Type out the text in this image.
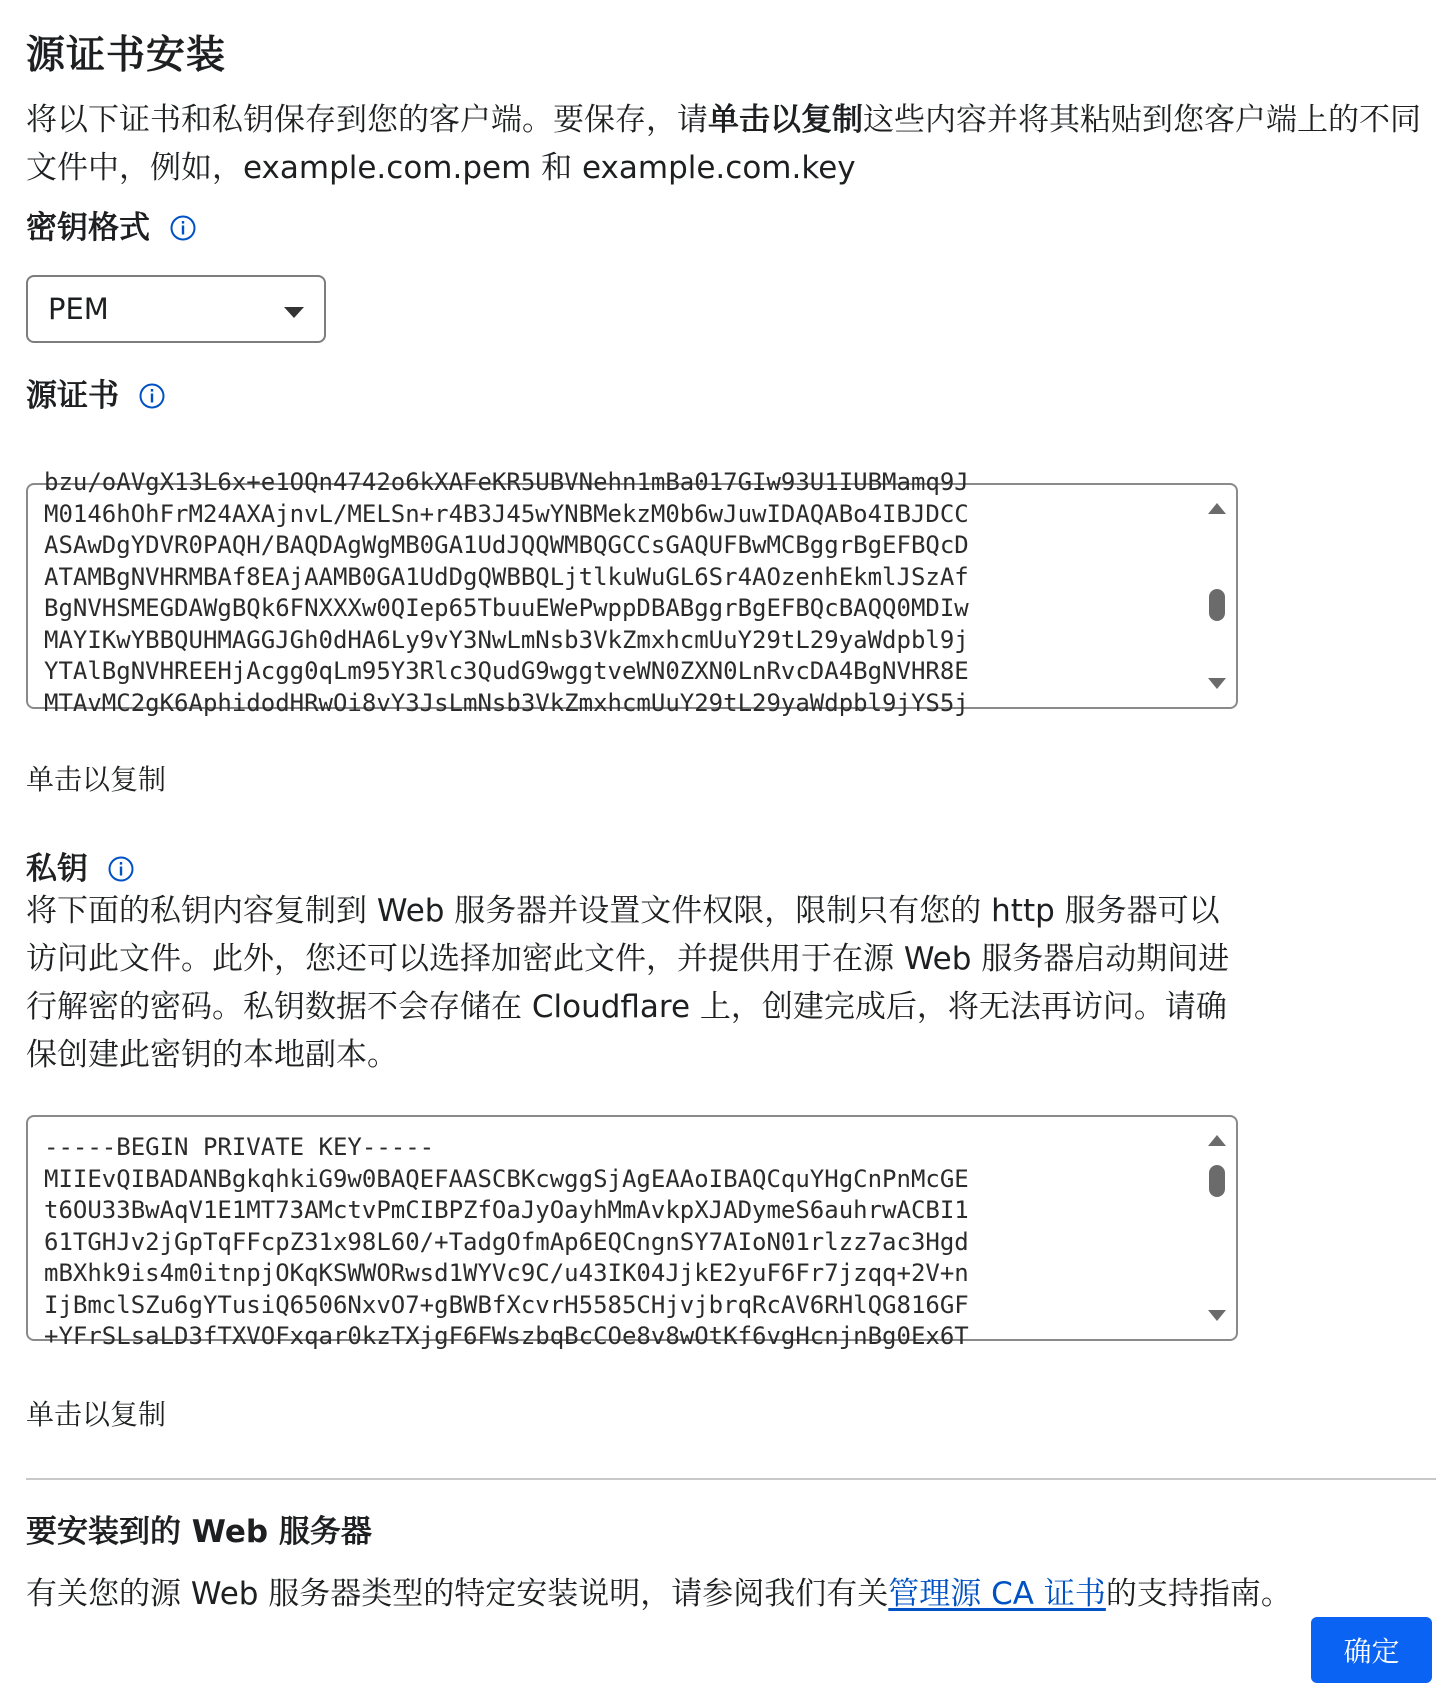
源证书安装
将以下证书和私钥保存到您的客户端。要保存，请单击以复制这些内容并将其粘贴到您客户端上的不同文件中，例如，example.com.pem 和 example.com.key
密钥格式
PEM
源证书
bzu/oAVgX13L6x+e1OQn4742o6kXAFeKR5UBVNehn1mBa017GIw93U1IUBMamq9J
M0146hOhFrM24AXAjnvL/MELSn+r4B3J45wYNBMekzM0b6wJuwIDAQABo4IBJDCC
ASAwDgYDVR0PAQH/BAQDAgWgMB0GA1UdJQQWMBQGCCsGAQUFBwMCBggrBgEFBQcD
ATAMBgNVHRMBAf8EAjAAMB0GA1UdDgQWBBQLjtlkuWuGL6Sr4AOzenhEkmlJSzAf
BgNVHSMEGDAWgBQk6FNXXXw0QIep65TbuuEWePwppDBABggrBgEFBQcBAQQ0MDIw
MAYIKwYBBQUHMAGGJGh0dHA6Ly9vY3NwLmNsb3VkZmxhcmUuY29tL29yaWdpbl9j
YTAlBgNVHREEHjAcgg0qLm95Y3Rlc3QudG9wggtveWN0ZXN0LnRvcDA4BgNVHR8E
MTAvMC2gK6AphidodHRwOi8vY3JsLmNsb3VkZmxhcmUuY29tL29yaWdpbl9jYS5j
单击以复制
私钥
将下面的私钥内容复制到 Web 服务器并设置文件权限，限制只有您的 http 服务器可以访问此文件。此外，您还可以选择加密此文件，并提供用于在源 Web 服务器启动期间进行解密的密码。私钥数据不会存储在 Cloudflare 上，创建完成后，将无法再访问。请确保创建此密钥的本地副本。
-----BEGIN PRIVATE KEY-----
MIIEvQIBADANBgkqhkiG9w0BAQEFAASCBKcwggSjAgEAAoIBAQCquYHgCnPnMcGE
t6OU33BwAqV1E1MT73AMctvPmCIBPZfOaJyOayhMmAvkpXJADymeS6auhrwACBI1
61TGHJv2jGpTqFFcpZ31x98L60/+TadgOfmAp6EQCngnSY7AIoN01rlzz7ac3Hgd
mBXhk9is4m0itnpjOKqKSWWORwsd1WYVc9C/u43IK04JjkE2yuF6Fr7jzqq+2V+n
IjBmclSZu6gYTusiQ6506NxvO7+gBWBfXcvrH5585CHjvjbrqRcAV6RHlQG816GF
+YFrSLsaLD3fTXVOFxqar0kzTXjgF6FWszbqBcCOe8v8wOtKf6vgHcnjnBg0Ex6T
单击以复制
要安装到的 Web 服务器
有关您的源 Web 服务器类型的特定安装说明，请参阅我们有关管理源 CA 证书的支持指南。
确定
